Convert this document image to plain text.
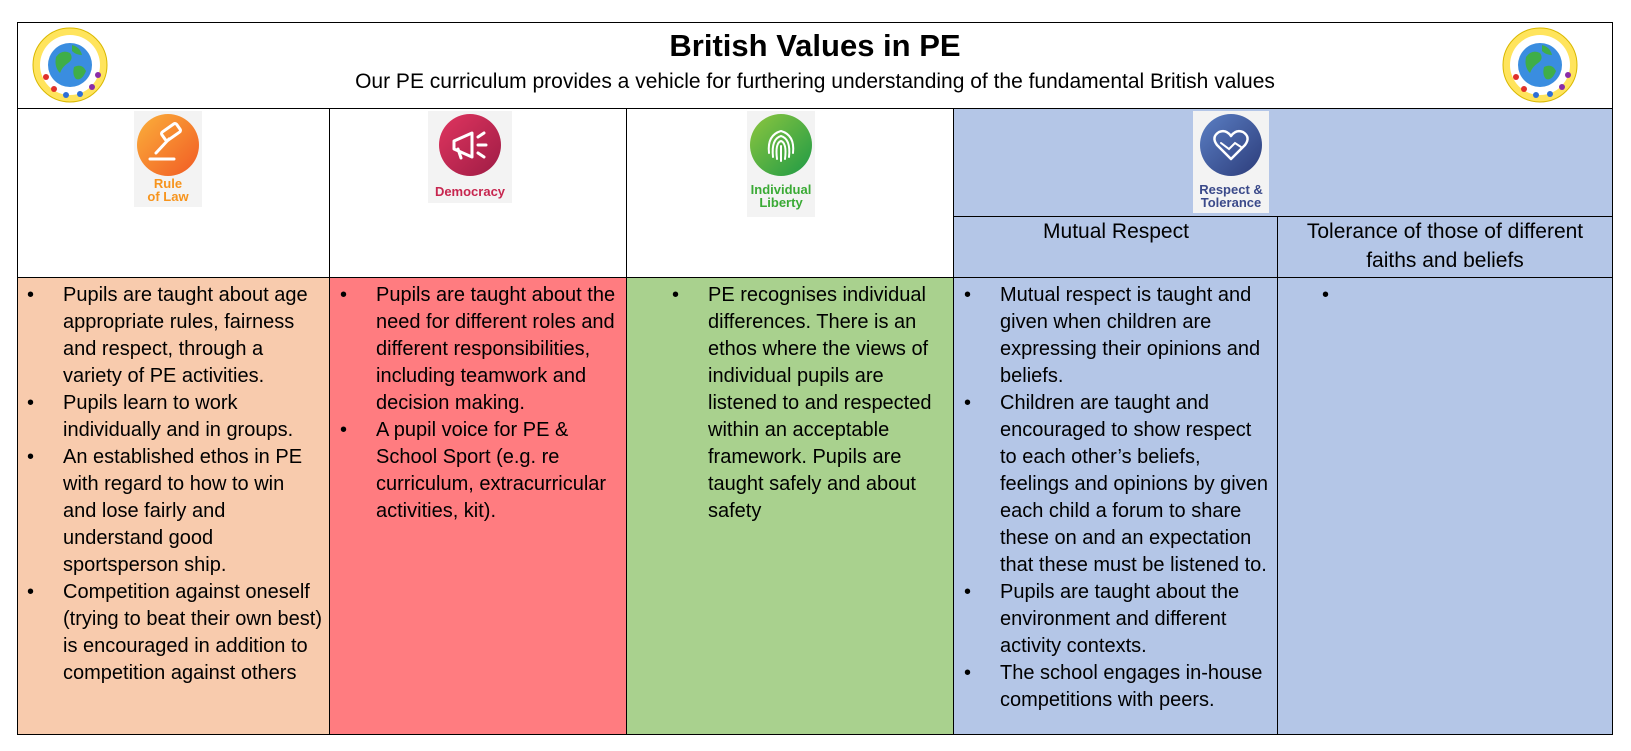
British Values in PE
Our PE curriculum provides a vehicle for furthering understanding of the fundamental British values
Rule
of Law
• Pupils are taught about age appropriate rules, fairness and respect, through a variety of PE activities.
• Pupils learn to work individually and in groups.
• An established ethos in PE with regard to how to win and lose fairly and understand good sportsperson ship.
• Competition against oneself (trying to beat their own best) is encouraged in addition to competition against others
Democracy
• Pupils are taught about the need for different roles and different responsibilities, including teamwork and decision making.
• A pupil voice for PE & School Sport (e.g. re curriculum, extracurricular activities, kit).
Individual
Liberty
• PE recognises individual differences. There is an ethos where the views of individual pupils are listened to and respected within an acceptable framework. Pupils are taught safely and about safety
Respect &
Tolerance
Mutual Respect
• Mutual respect is taught and given when children are expressing their opinions and beliefs.
• Children are taught and encouraged to show respect to each other’s beliefs, feelings and opinions by given each child a forum to share these on and an expectation that these must be listened to.
• Pupils are taught about the environment and different activity contexts.
• The school engages in-house competitions with peers.
Tolerance of those of different faiths and beliefs
•
